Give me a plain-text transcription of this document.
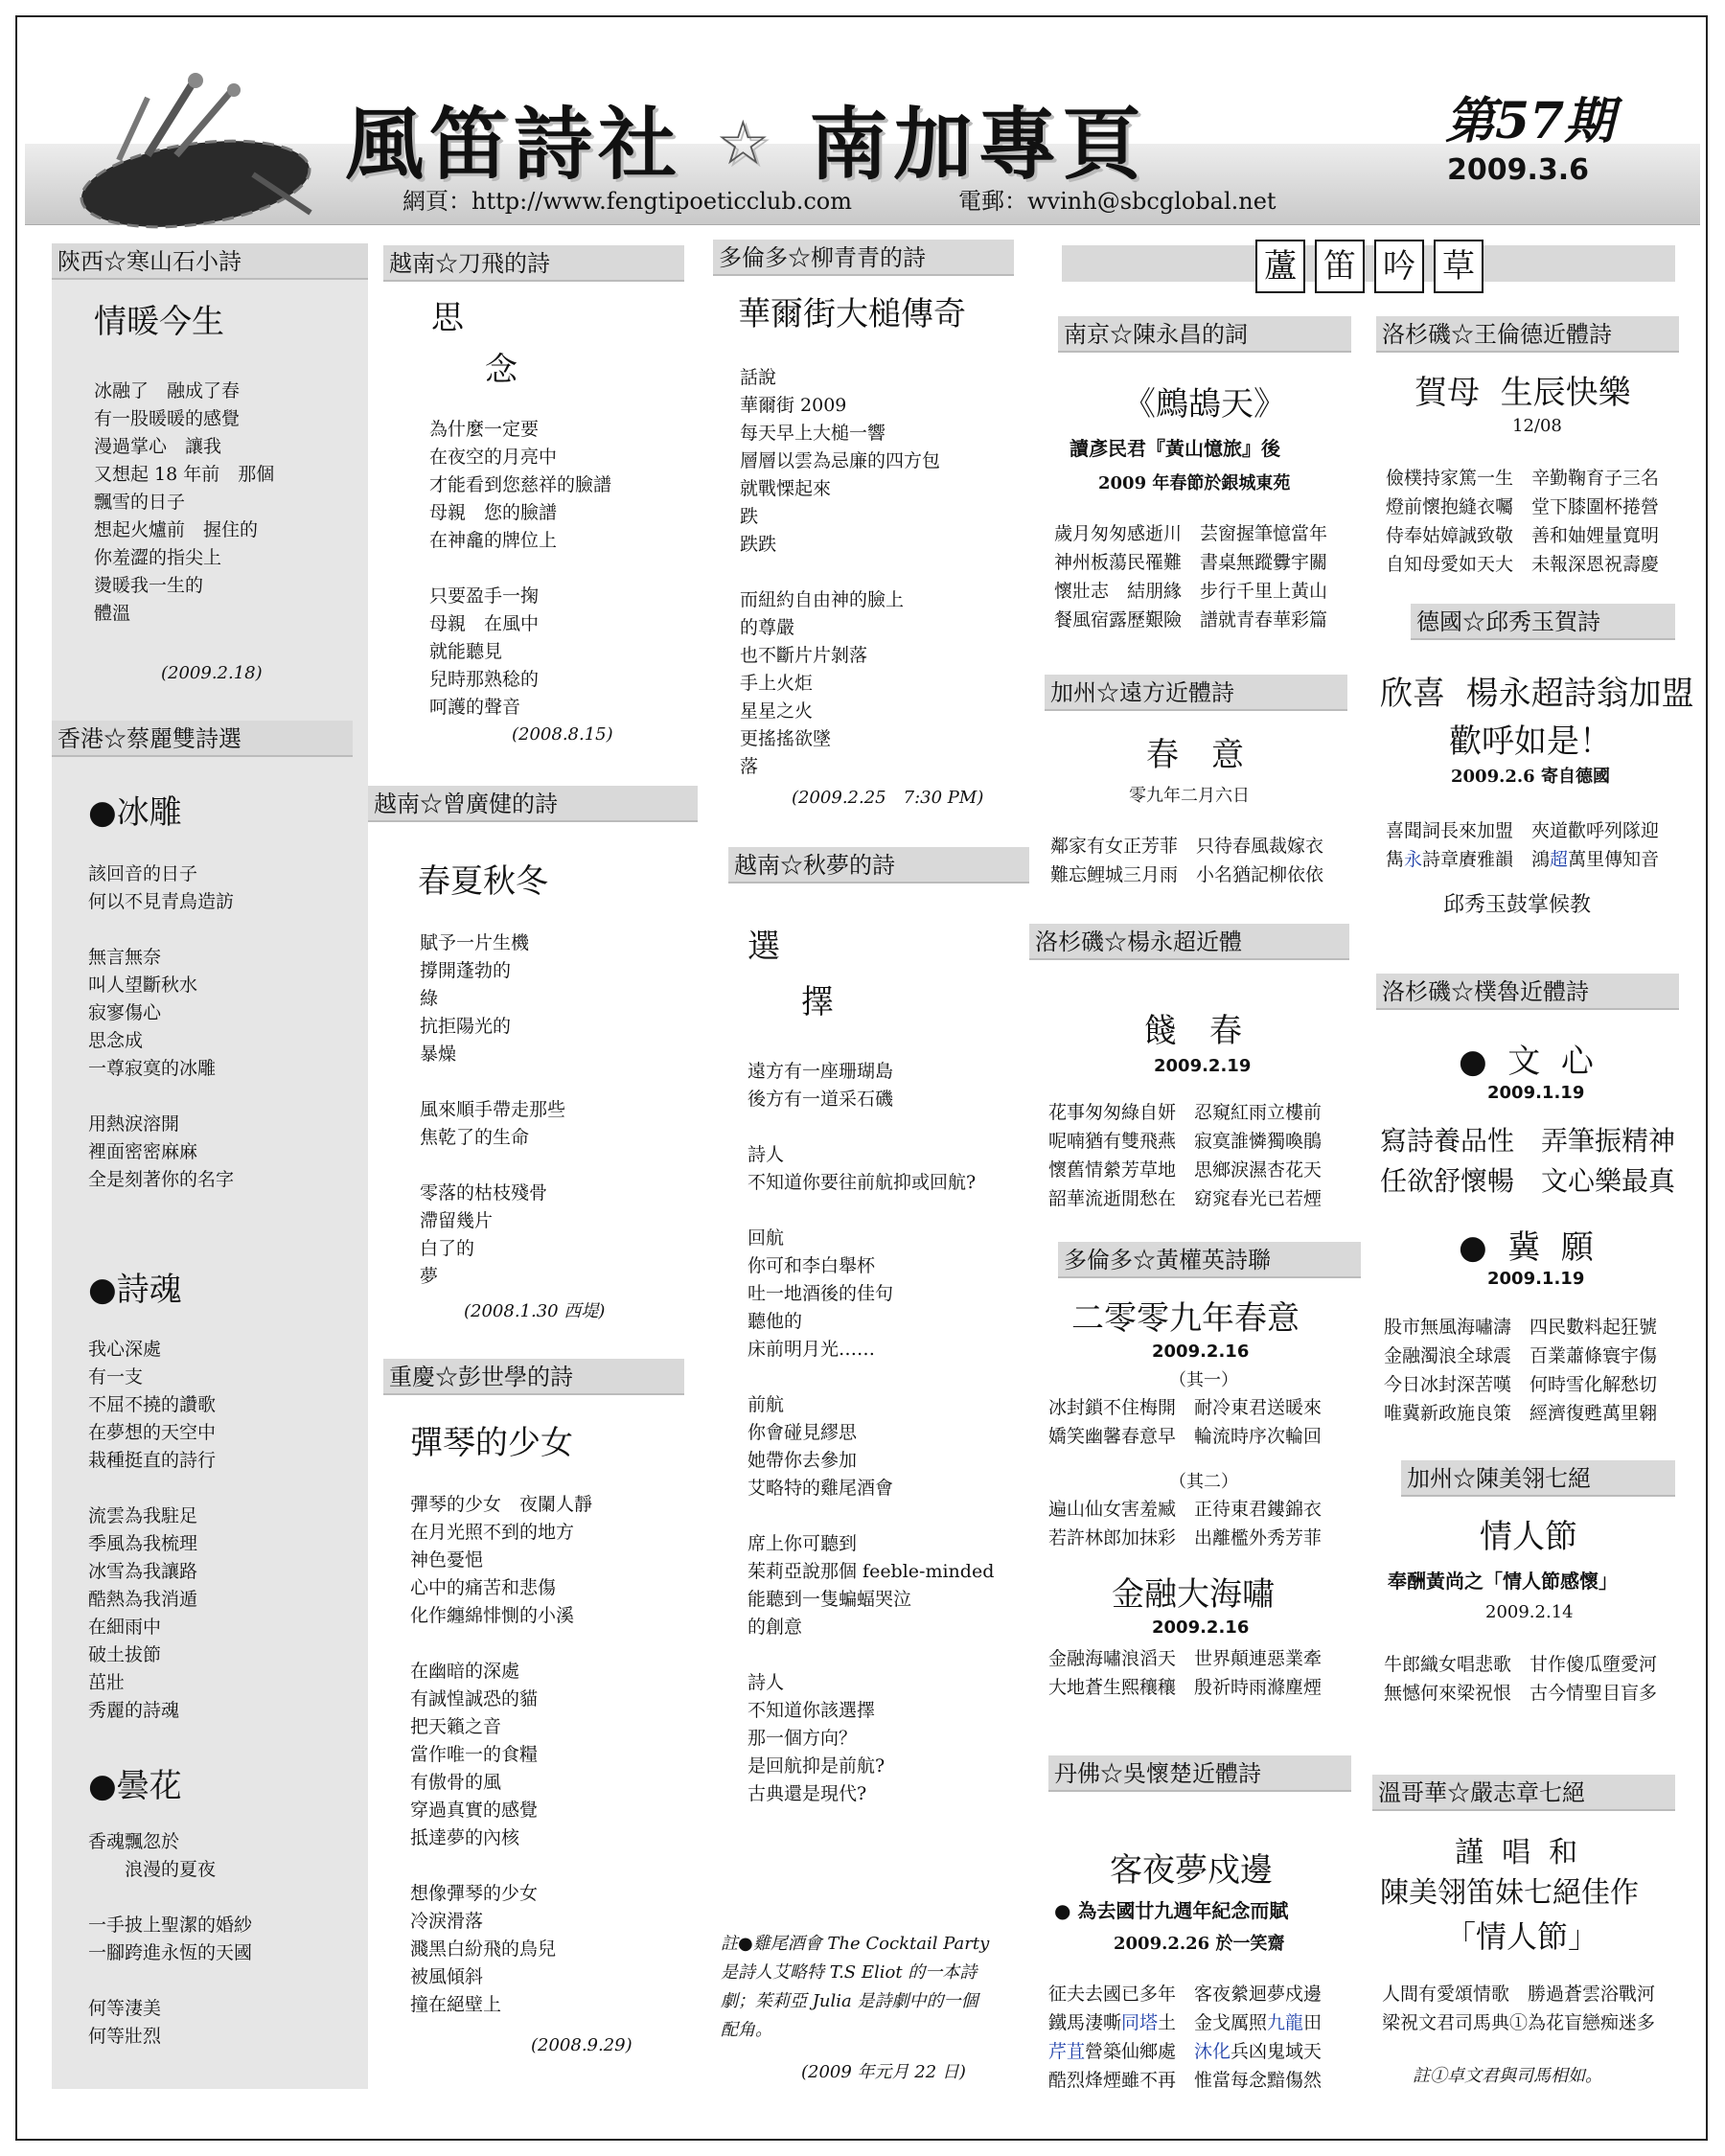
風笛詩社 ☆ 南加專頁	第57期
2009.3.6
網頁：http://www.fengtipoeticclub.com	電郵：wvinh@sbcglobal.net
陝西☆寒山石小詩
情暖今生
冰融了　融成了春
有一股暖暖的感覺
漫過掌心　讓我
又想起 18 年前　那個
飄雪的日子
想起火爐前　握住的
你羞澀的指尖上
燙暖我一生的
體溫
(2009.2.18)
香港☆蔡麗雙詩選
●冰雕
該回音的日子
何以不見青鳥造訪

無言無奈
叫人望斷秋水
寂寥傷心
思念成
一尊寂寞的冰雕

用熱淚溶開
裡面密密麻麻
全是刻著你的名字
●詩魂
我心深處
有一支
不屈不撓的讚歌
在夢想的天空中
栽種挺直的詩行

流雲為我駐足
季風為我梳理
冰雪為我讓路
酷熱為我消遁
在細雨中
破土拔節
茁壯
秀麗的詩魂
●曇花
香魂飄忽於
　　浪漫的夏夜

一手披上聖潔的婚紗
一腳跨進永恆的天國

何等淒美
何等壯烈
越南☆刀飛的詩
思
念
為什麼一定要
在夜空的月亮中
才能看到您慈祥的臉譜
母親　您的臉譜
在神龕的牌位上

只要盈手一掬
母親　在風中
就能聽見
兒時那熟稔的
呵護的聲音
(2008.8.15)
越南☆曾廣健的詩
春夏秋冬
賦予一片生機
撐開蓬勃的
綠
抗拒陽光的
暴燥

風來順手帶走那些
焦乾了的生命

零落的枯枝殘骨
滯留幾片
白了的
夢
(2008.1.30 西堤)
重慶☆彭世學的詩
彈琴的少女
彈琴的少女　夜闌人靜
在月光照不到的地方
神色憂悒
心中的痛苦和悲傷
化作纏綿悱惻的小溪

在幽暗的深處
有誠惶誠恐的貓
把天籟之音
當作唯一的食糧
有傲骨的風
穿過真實的感覺
抵達夢的內核

想像彈琴的少女
冷淚滑落
濺黑白紛飛的鳥兒
被風傾斜
撞在絕壁上
(2008.9.29)
多倫多☆柳青青的詩
華爾街大槌傳奇
話說
華爾街 2009
每天早上大槌一響
層層以雲為忌廉的四方包
就戰慄起來
跌
跌跌

而紐約自由神的臉上
的尊嚴
也不斷片片剝落
手上火炬
星星之火
更搖搖欲墜
落
(2009.2.25　7:30 PM)
越南☆秋夢的詩
選
擇
遠方有一座珊瑚島
後方有一道采石磯

詩人
不知道你要往前航抑或回航?

回航
你可和李白舉杯
吐一地酒後的佳句
聽他的
床前明月光……

前航
你會碰見繆思
她帶你去參加
艾略特的雞尾酒會

席上你可聽到
茱莉亞說那個 feeble-minded
能聽到一隻蝙蝠哭泣
的創意

詩人
不知道你該選擇
那一個方向？
是回航抑是前航?
古典還是現代?
註●雞尾酒會 The Cocktail Party
是詩人艾略特 T.S Eliot 的一本詩
劇；茱莉亞 Julia 是詩劇中的一個
配角。
(2009 年元月 22 日)
蘆 笛 吟 草
南京☆陳永昌的詞
《鷓鴣天》
讀彥民君『黃山憶旅』後
2009 年春節於銀城東苑
歲月匆匆感逝川　芸窗握筆憶當年
神州板蕩民罹難　書桌無蹤釁宇關
懷壯志　結朋緣　步行千里上黃山
餐風宿露歷艱險　譜就青春華彩篇
加州☆遠方近體詩
春　意
零九年二月六日
鄰家有女正芳菲　只待春風裁嫁衣
難忘鯉城三月雨　小名猶記柳依依
洛杉磯☆楊永超近體
餞　春
2009.2.19
花事匆匆綠自妍　忍窺紅雨立樓前
呢喃猶有雙飛燕　寂寞誰憐獨喚鵑
懷舊情縈芳草地　思鄉淚濕杏花天
韶華流逝閒愁在　窈窕春光已若煙
多倫多☆黃權英詩聯
二零零九年春意
2009.2.16
（其一）
冰封鎖不住梅開　耐冷東君送暖來
嬌笑幽馨春意早　輪流時序次輪回
（其二）
遍山仙女害羞臧　正待東君鏤錦衣
若許林郎加抹彩　出離檻外秀芳菲
金融大海嘯
2009.2.16
金融海嘯浪滔天　世界顛連惡業牽
大地蒼生熙穰穰　殷祈時雨滌塵煙
丹佛☆吳懷楚近體詩
客夜夢戍邊
● 為去國廿九週年紀念而賦
2009.2.26 於一笑齋
征夫去國已多年　客夜縈迴夢戍邊
鐵馬淒嘶同塔土　金戈厲照九龍田
芹苴營築仙鄉處　沐化兵凶鬼域天
酷烈烽煙雖不再　惟當每念黯傷然
洛杉磯☆王倫德近體詩
賀母  生辰快樂
12/08
儉樸持家篤一生　辛勤鞠育子三名
燈前懷抱縫衣囑　堂下膝圍杯捲營
侍奉姑嫜誠致敬　善和妯娌量寬明
自知母愛如天大　未報深恩祝壽慶
德國☆邱秀玉賀詩
欣喜  楊永超詩翁加盟
歡呼如是！
2009.2.6 寄自德國
喜聞詞長來加盟　夾道歡呼列隊迎
雋永詩章賡雅韻　鴻超萬里傳知音
邱秀玉鼓掌候教
洛杉磯☆樸魯近體詩
●  文  心
2009.1.19
寫詩養品性　弄筆振精神
任欲舒懷暢　文心樂最真
●  冀  願
2009.1.19
股市無風海嘯濤　四民數料起狂號
金融濁浪全球震　百業蕭條寰宇傷
今日冰封深苦嘆　何時雪化解愁切
唯冀新政施良策　經濟復甦萬里翱
加州☆陳美翎七絕
情人節
奉酬黃尚之「情人節感懷」
2009.2.14
牛郎織女唱悲歌　甘作傻瓜墮愛河
無憾何來梁祝恨　古今情聖目盲多
溫哥華☆嚴志章七絕
謹  唱  和
陳美翎笛妹七絕佳作
「情人節」
人間有愛頌情歌　勝過蒼雲浴戰河
梁祝文君司馬典①為花盲戀痴迷多
註①卓文君與司馬相如。
